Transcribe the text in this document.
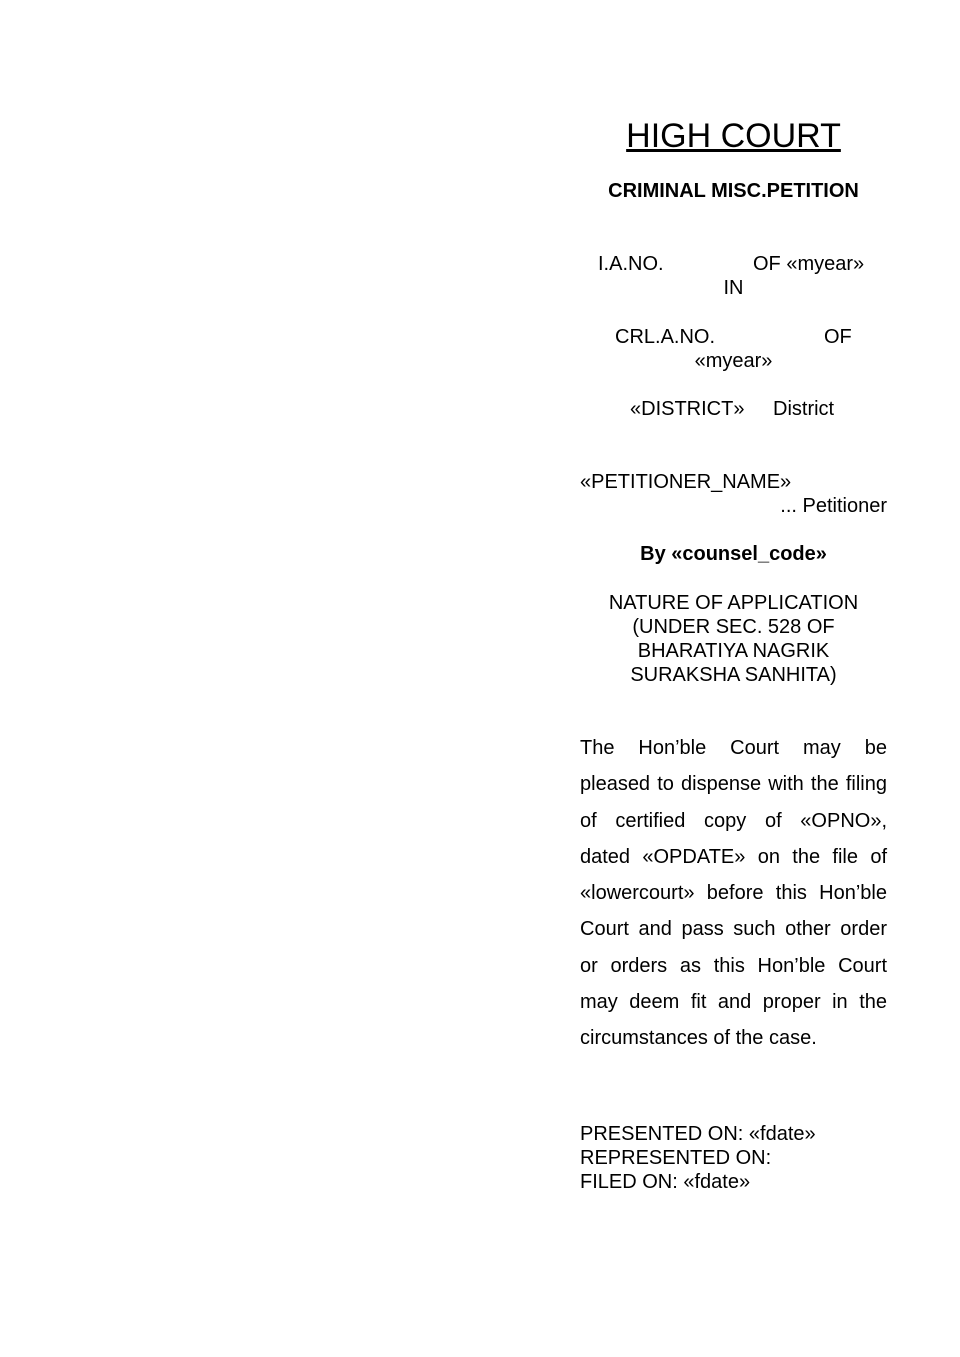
HIGH COURT
CRIMINAL MISC.PETITION
I.A.NO.	OF «myear»
IN
CRL.A.NO.	OF
«myear»
«DISTRICT» District
«PETITIONER_NAME»
... Petitioner
By «counsel_code»
NATURE OF APPLICATION
(UNDER SEC. 528 OF
BHARATIYA NAGRIK
SURAKSHA SANHITA)
The Hon’ble Court may be pleased to dispense with the filing of certified copy of «OPNO», dated «OPDATE» on the file of «lowercourt» before this Hon’ble Court and pass such other order or orders as this Hon’ble Court may deem fit and proper in the circumstances of the case.
PRESENTED ON: «fdate»
REPRESENTED ON:
FILED ON: «fdate»
